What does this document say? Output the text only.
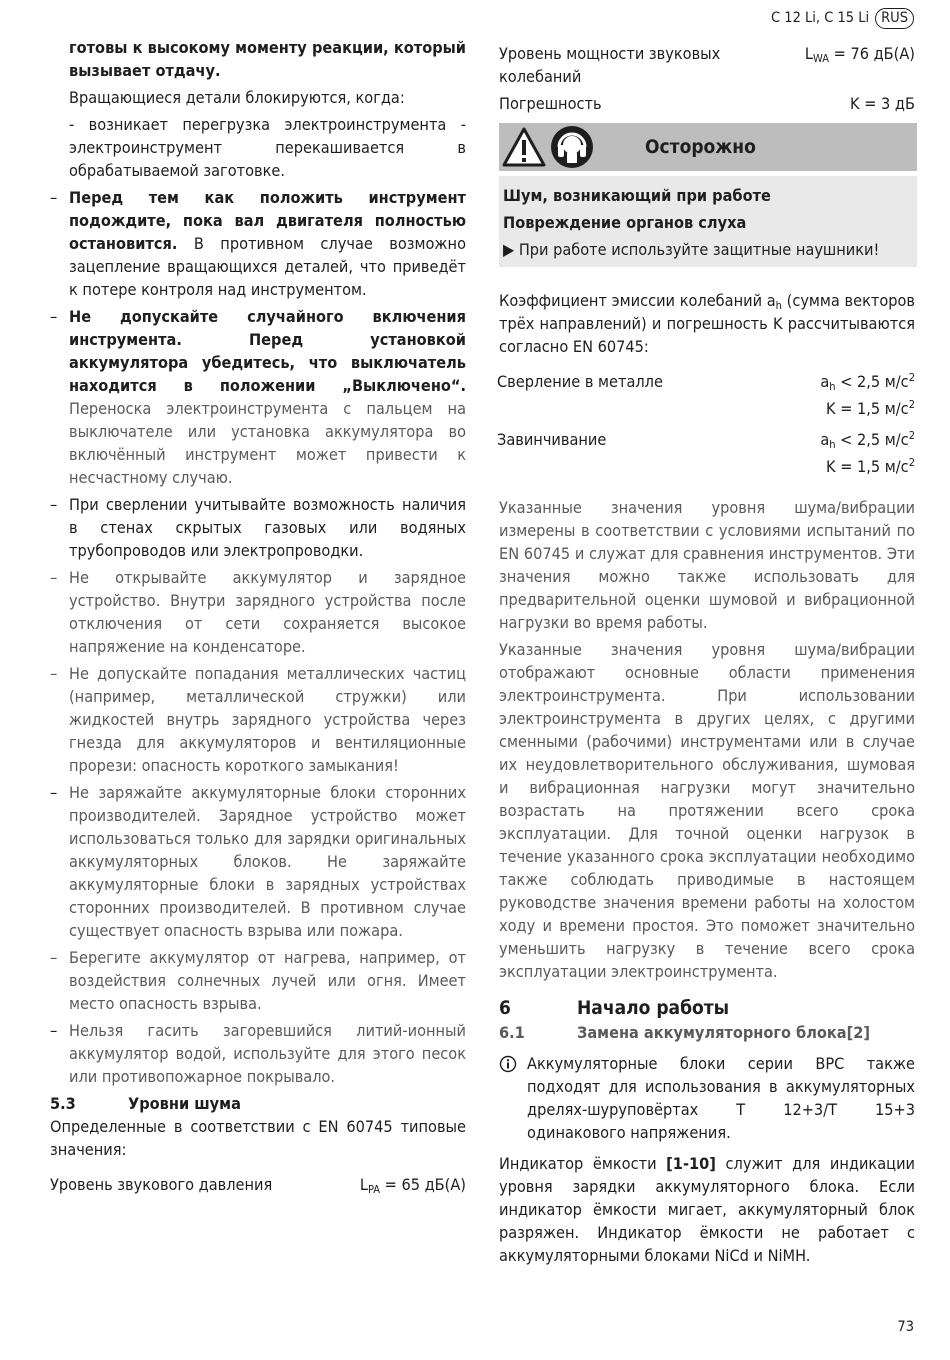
C 12 Li, C 15 Li RUS

готовы к высокому моменту реакции, который вызывает отдачу.

Вращающиеся детали блокируются, когда:

- возникает перегрузка электроинструмента - электроинструмент перекашивается в обрабатываемой заготовке.

– Перед тем как положить инструмент подождите, пока вал двигателя полностью остановится. В противном случае возможно зацепление вращающихся деталей, что приведёт к потере контроля над инструментом.
– Не допускайте случайного включения инструмента. Перед установкой аккумулятора убедитесь, что выключатель находится в положении „Выключено“. Переноска электроинструмента с пальцем на выключателе или установка аккумулятора во включённый инструмент может привести к несчастному случаю.
– При сверлении учитывайте возможность наличия в стенах скрытых газовых или водяных трубопроводов или электропроводки.
– Не открывайте аккумулятор и зарядное устройство. Внутри зарядного устройства после отключения от сети сохраняется высокое напряжение на конденсаторе.
– Не допускайте попадания металлических частиц (например, металлической стружки) или жидкостей внутрь зарядного устройства через гнезда для аккумуляторов и вентиляционные прорези: опасность короткого замыкания!
– Не заряжайте аккумуляторные блоки сторонних производителей. Зарядное устройство может использоваться только для зарядки оригинальных аккумуляторных блоков. Не заряжайте аккумуляторные блоки в зарядных устройствах сторонних производителей. В противном случае существует опасность взрыва или пожара.
– Берегите аккумулятор от нагрева, например, от воздействия солнечных лучей или огня. Имеет место опасность взрыва.
– Нельзя гасить загоревшийся литий-ионный аккумулятор водой, используйте для этого песок или противопожарное покрывало.
5.3	Уровни шума

Определенные в соответствии с EN 60745 типовые значения:

Уровень звукового давления	$L_{PA} = 65$ дБ(A)
Уровень мощности звуковых колебаний
$L_{WA} = 76$ дБ(A)
Погрешность	K = 3 дБ
Осторожно

Шум, возникающий при работе

Повреждение органов слуха

▶ При работе используйте защитные наушники!

Коэффициент эмиссии колебаний $a_h$ (сумма векторов трёх направлений) и погрешность K рассчитываются согласно EN 60745:

Сверление в металле	$a_h < 2,5$ $м/с^2$
K = 1,5 $м/с^2$
Завинчивание	$a_h < 2,5$ $м/с^2$
K = 1,5 $м/с^2$

Указанные значения уровня шума/вибрации измерены в соответствии с условиями испытаний по EN 60745 и служат для сравнения инструментов. Эти значения можно также использовать для предварительной оценки шумовой и вибрационной нагрузки во время работы.

Указанные значения уровня шума/вибрации отображают основные области применения электроинструмента. При использовании электроинструмента в других целях, с другими сменными (рабочими) инструментами или в случае их неудовлетворительного обслуживания, шумовая и вибрационная нагрузки могут значительно возрастать на протяжении всего срока эксплуатации. Для точной оценки нагрузок в течение указанного срока эксплуатации необходимо также соблюдать приводимые в настоящем руководстве значения времени работы на холостом ходу и времени простоя. Это поможет значительно уменьшить нагрузку в течение всего срока эксплуатации электроинструмента.

6	Начало работы
6.1	Замена аккумуляторного блока[2]
Аккумуляторные блоки серии BPC также подходят для использования в аккумуляторных дрелях-шуруповёртах T 12+3/T 15+3 одинакового напряжения.

Индикатор ёмкости [1-10] служит для индикации уровня зарядки аккумуляторного блока. Если индикатор ёмкости мигает, аккумуляторный блок разряжен. Индикатор ёмкости не работает с аккумуляторными блоками NiCd и NiMH.

73
